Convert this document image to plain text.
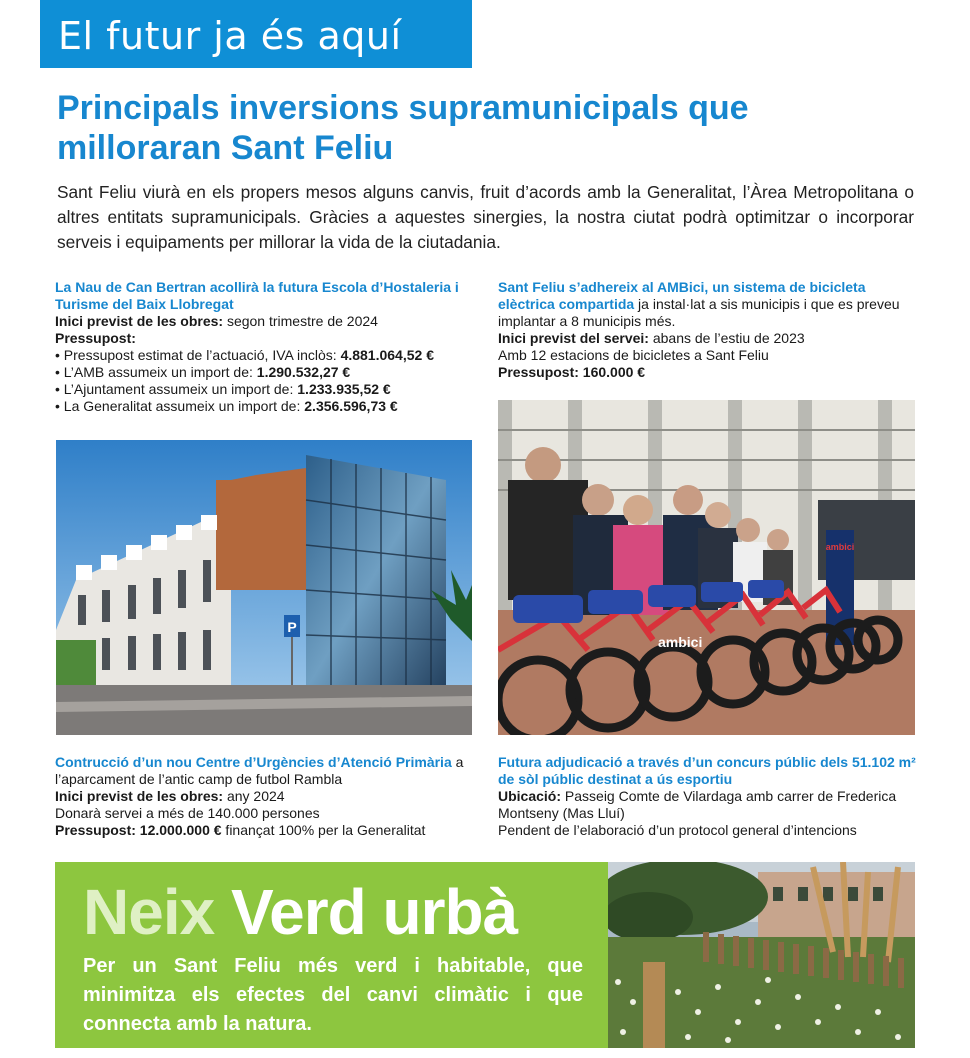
El futur ja és aquí
Principals inversions supramunicipals que milloraran Sant Feliu

Sant Feliu viurà en els propers mesos alguns canvis, fruit d’acords amb la Generalitat, l’Àrea Metropolitana o altres entitats supramunicipals. Gràcies a aquestes sinergies, la nostra ciutat podrà optimitzar o incorporar serveis i equipaments per millorar la vida de la ciutadania.

La Nau de Can Bertran acollirà la futura Escola d’Hostaleria i Turisme del Baix Llobregat
Inici previst de les obres: segon trimestre de 2024
Pressupost:
• Pressupost estimat de l’actuació, IVA inclòs: 4.881.064,52 €
• L’AMB assumeix un import de: 1.290.532,27 €
• L’Ajuntament assumeix un import de: 1.233.935,52 €
• La Generalitat assumeix un import de: 2.356.596,73 €
Sant Feliu s’adhereix al AMBici, un sistema de bicicleta elèctrica compartida ja instal·lat a sis municipis i que es preveu implantar a 8 municipis més.
Inici previst del servei: abans de l’estiu de 2023
Amb 12 estacions de bicicletes a Sant Feliu
Pressupost: 160.000 €
P
ambici
ambici
Contrucció d’un nou Centre d’Urgències d’Atenció Primària a l’aparcament de l’antic camp de futbol Rambla
Inici previst de les obres: any 2024
Donarà servei a més de 140.000 persones
Pressupost: 12.000.000 € finançat 100% per la Generalitat
Futura adjudicació a través d’un concurs públic dels 51.102 m² de sòl públic destinat a ús esportiu
Ubicació: Passeig Comte de Vilardaga amb carrer de Frederica Montseny (Mas Lluí)
Pendent de l’elaboració d’un protocol general d’intencions
Neix Verd urbà

Per un Sant Feliu més verd i habitable, que minimitza els efectes del canvi climàtic i que connecta amb la natura.
